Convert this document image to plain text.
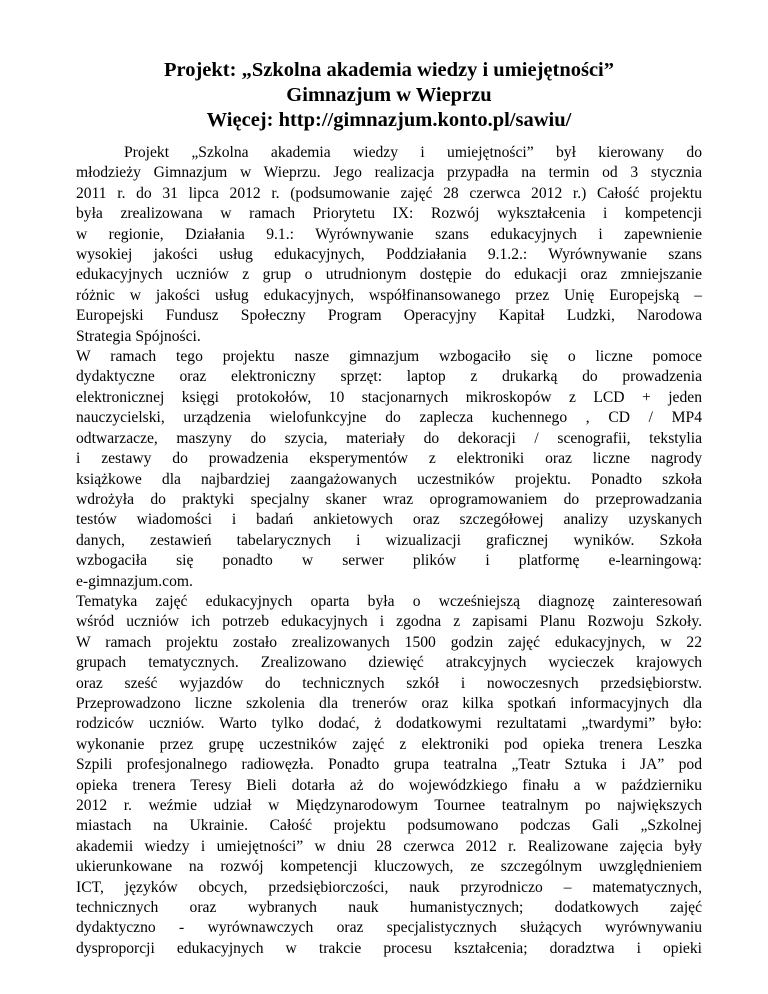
Projekt: „Szkolna akademia wiedzy i umiejętności”
Gimnazjum w Wieprzu
Więcej: http://gimnazjum.konto.pl/sawiu/
Projekt „Szkolna akademia wiedzy i umiejętności” był kierowany do
młodzieży Gimnazjum w Wieprzu. Jego realizacja przypadła na termin od 3 stycznia
2011 r. do 31 lipca 2012 r. (podsumowanie zajęć 28 czerwca 2012 r.) Całość projektu
była zrealizowana w ramach Priorytetu IX: Rozwój wykształcenia i kompetencji
w regionie, Działania 9.1.: Wyrównywanie szans edukacyjnych i zapewnienie
wysokiej jakości usług edukacyjnych, Poddziałania 9.1.2.: Wyrównywanie szans
edukacyjnych uczniów z grup o utrudnionym dostępie do edukacji oraz zmniejszanie
różnic w jakości usług edukacyjnych, współfinansowanego przez Unię Europejską –
Europejski Fundusz Społeczny Program Operacyjny Kapitał Ludzki, Narodowa
Strategia Spójności.
W ramach tego projektu nasze gimnazjum wzbogaciło się o liczne pomoce
dydaktyczne oraz elektroniczny sprzęt: laptop z drukarką do prowadzenia
elektronicznej księgi protokołów, 10 stacjonarnych mikroskopów z LCD + jeden
nauczycielski, urządzenia wielofunkcyjne do zaplecza kuchennego , CD / MP4
odtwarzacze, maszyny do szycia, materiały do dekoracji / scenografii, tekstylia
i zestawy do prowadzenia eksperymentów z elektroniki oraz liczne nagrody
książkowe dla najbardziej zaangażowanych uczestników projektu. Ponadto szkoła
wdrożyła do praktyki specjalny skaner wraz oprogramowaniem do przeprowadzania
testów wiadomości i badań ankietowych oraz szczegółowej analizy uzyskanych
danych, zestawień tabelarycznych i wizualizacji graficznej wyników. Szkoła
wzbogaciła się ponadto w serwer plików i platformę e-learningową:
e-gimnazjum.com.
Tematyka zajęć edukacyjnych oparta była o wcześniejszą diagnozę zainteresowań
wśród uczniów ich potrzeb edukacyjnych i zgodna z zapisami Planu Rozwoju Szkoły.
W ramach projektu zostało zrealizowanych 1500 godzin zajęć edukacyjnych, w 22
grupach tematycznych. Zrealizowano dziewięć atrakcyjnych wycieczek krajowych
oraz sześć wyjazdów do technicznych szkół i nowoczesnych przedsiębiorstw.
Przeprowadzono liczne szkolenia dla trenerów oraz kilka spotkań informacyjnych dla
rodziców uczniów. Warto tylko dodać, ż dodatkowymi rezultatami „twardymi” było:
wykonanie przez grupę uczestników zajęć z elektroniki pod opieka trenera Leszka
Szpili profesjonalnego radiowęzła. Ponadto grupa teatralna „Teatr Sztuka i JA” pod
opieka trenera Teresy Bieli dotarła aż do wojewódzkiego finału a w październiku
2012 r. weźmie udział w Międzynarodowym Tournee teatralnym po największych
miastach na Ukrainie. Całość projektu podsumowano podczas Gali „Szkolnej
akademii wiedzy i umiejętności” w dniu 28 czerwca 2012 r. Realizowane zajęcia były
ukierunkowane na rozwój kompetencji kluczowych, ze szczególnym uwzględnieniem
ICT, języków obcych, przedsiębiorczości, nauk przyrodniczo – matematycznych,
technicznych oraz wybranych nauk humanistycznych; dodatkowych zajęć
dydaktyczno - wyrównawczych oraz specjalistycznych służących wyrównywaniu
dysproporcji edukacyjnych w trakcie procesu kształcenia; doradztwa i opieki
